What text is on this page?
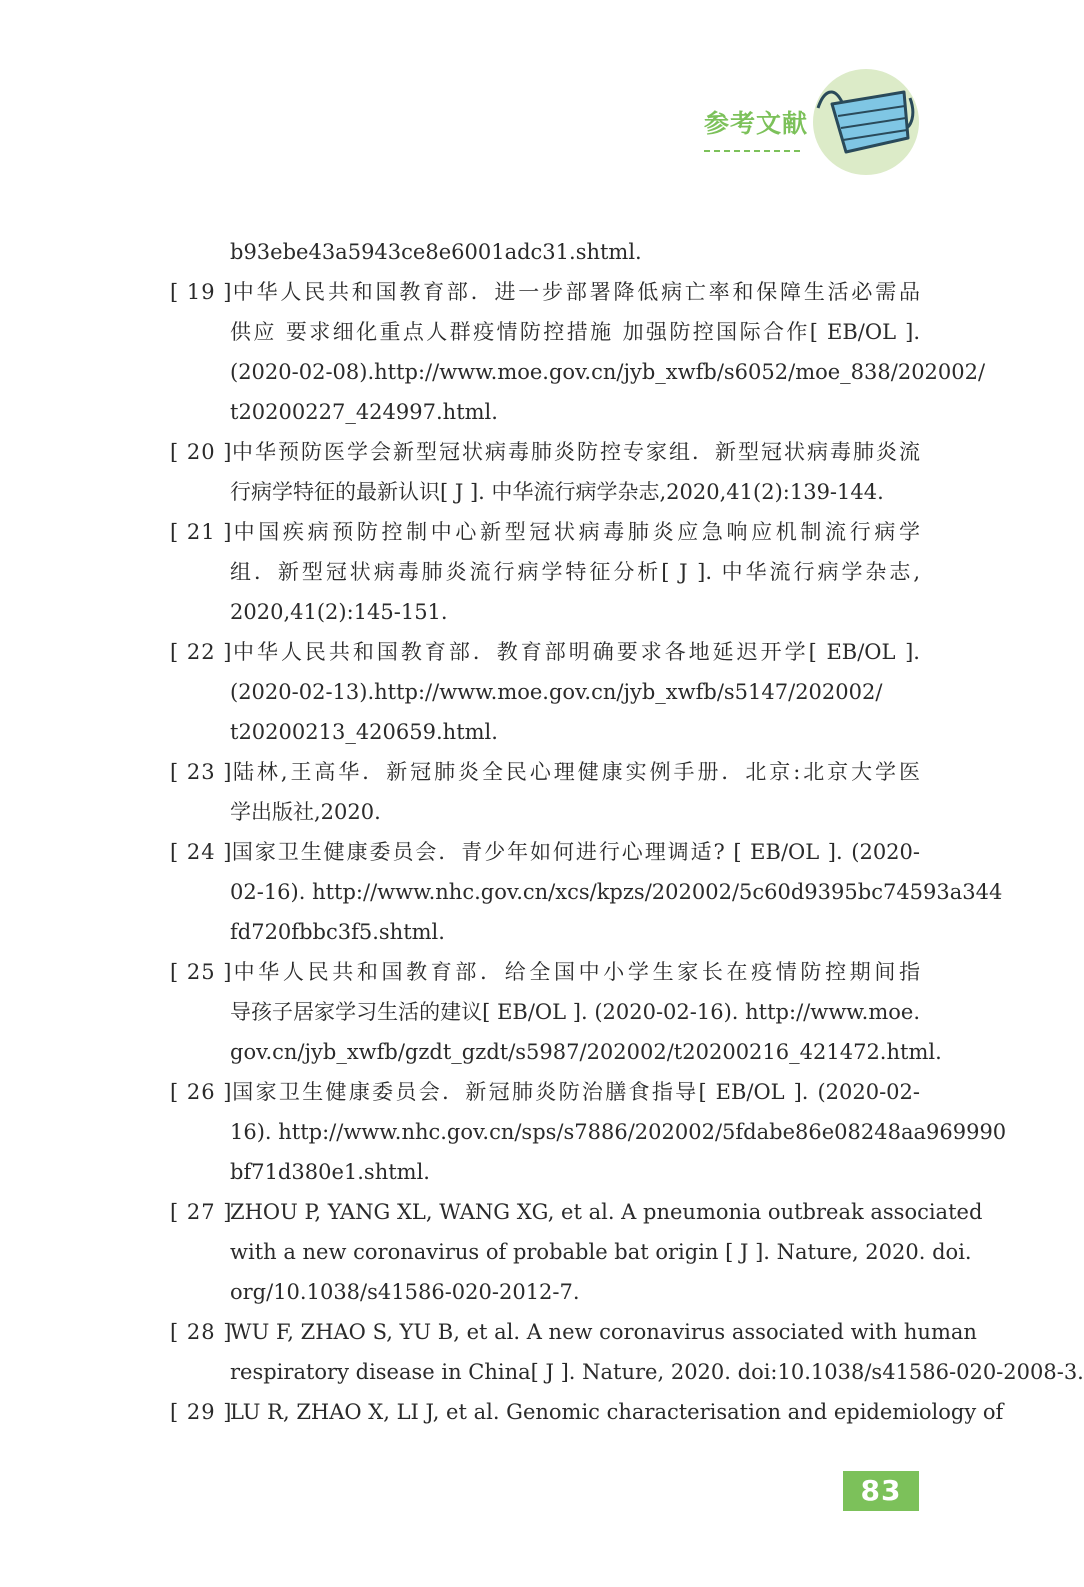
参考文献
b93ebe43a5943ce8e6001adc31.shtml.
[ 19 ]中华人民共和国教育部．进一步部署降低病亡率和保障生活必需品
供应 要求细化重点人群疫情防控措施 加强防控国际合作[ EB/OL ].
(2020-02-08).http://www.moe.gov.cn/jyb_xwfb/s6052/moe_838/202002/
t20200227_424997.html.
[ 20 ]中华预防医学会新型冠状病毒肺炎防控专家组．新型冠状病毒肺炎流
行病学特征的最新认识[ J ]. 中华流行病学杂志,2020,41(2):139-144.
[ 21 ]中国疾病预防控制中心新型冠状病毒肺炎应急响应机制流行病学
组．新型冠状病毒肺炎流行病学特征分析[ J ]. 中华流行病学杂志,
2020,41(2):145-151.
[ 22 ]中华人民共和国教育部．教育部明确要求各地延迟开学[ EB/OL ].
(2020-02-13).http://www.moe.gov.cn/jyb_xwfb/s5147/202002/
t20200213_420659.html.
[ 23 ]陆林,王高华．新冠肺炎全民心理健康实例手册．北京:北京大学医
学出版社,2020.
[ 24 ]国家卫生健康委员会．青少年如何进行心理调适? [ EB/OL ]. (2020-
02-16). http://www.nhc.gov.cn/xcs/kpzs/202002/5c60d9395bc74593a344
fd720fbbc3f5.shtml.
[ 25 ]中华人民共和国教育部．给全国中小学生家长在疫情防控期间指
导孩子居家学习生活的建议[ EB/OL ]. (2020-02-16). http://www.moe.
gov.cn/jyb_xwfb/gzdt_gzdt/s5987/202002/t20200216_421472.html.
[ 26 ]国家卫生健康委员会．新冠肺炎防治膳食指导[ EB/OL ]. (2020-02-
16). http://www.nhc.gov.cn/sps/s7886/202002/5fdabe86e08248aa969990
bf71d380e1.shtml.
[ 27 ]ZHOU P, YANG XL, WANG XG, et al. A pneumonia outbreak associated
with a new coronavirus of probable bat origin [ J ]. Nature, 2020. doi.
org/10.1038/s41586-020-2012-7.
[ 28 ]WU F, ZHAO S, YU B, et al. A new coronavirus associated with human
respiratory disease in China[ J ]. Nature, 2020. doi:10.1038/s41586-020-2008-3.
[ 29 ]LU R, ZHAO X, LI J, et al. Genomic characterisation and epidemiology of
83
